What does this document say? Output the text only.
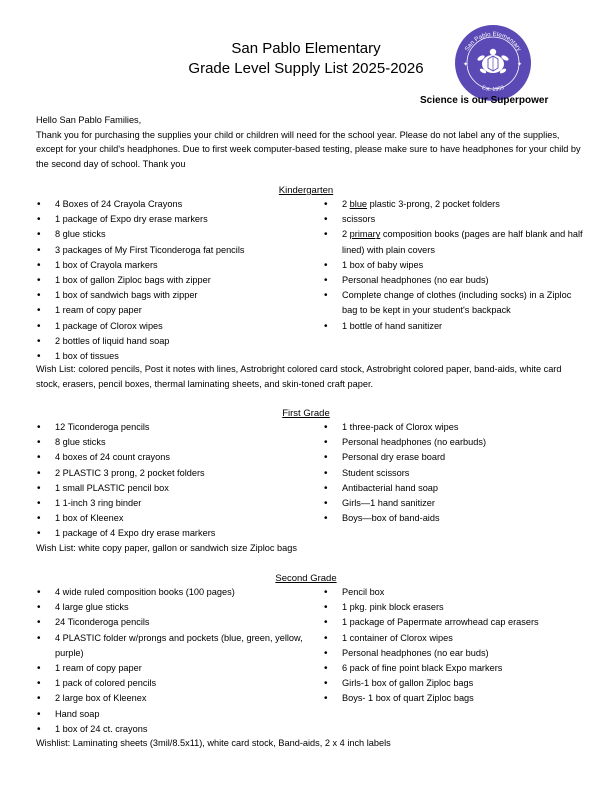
San Pablo Elementary
Grade Level Supply List 2025-2026
San Pablo Elementary
Est. 1953
✦	✦
Science is our Superpower

Hello San Pablo Families,

Thank you for purchasing the supplies your child or children will need for the school year. Please do not label any of the supplies, except for your child's headphones. Due to first week computer-based testing, please make sure to have headphones for your child by the second day of school. Thank you

Kindergarten
• 4 Boxes of 24 Crayola Crayons
• 1 package of Expo dry erase markers
• 8 glue sticks
• 3 packages of My First Ticonderoga fat pencils
• 1 box of Crayola markers
• 1 box of gallon Ziploc bags with zipper
• 1 box of sandwich bags with zipper
• 1 ream of copy paper
• 1 package of Clorox wipes
• 2 bottles of liquid hand soap
• 1 box of tissues
• 2 blue plastic 3-prong, 2 pocket folders
• scissors
• 2 primary composition books (pages are half blank and half lined) with plain covers
• 1 box of baby wipes
• Personal headphones (no ear buds)
• Complete change of clothes (including socks) in a Ziploc bag to be kept in your student's backpack
• 1 bottle of hand sanitizer
Wish List: colored pencils, Post it notes with lines, Astrobright colored card stock, Astrobright colored paper, band-aids, white card stock, erasers, pencil boxes, thermal laminating sheets, and skin-toned craft paper.
First Grade
• 12 Ticonderoga pencils
• 8 glue sticks
• 4 boxes of 24 count crayons
• 2 PLASTIC 3 prong, 2 pocket folders
• 1 small PLASTIC pencil box
• 1 1-inch 3 ring binder
• 1 box of Kleenex
• 1 package of 4 Expo dry erase markers
• 1 three-pack of Clorox wipes
• Personal headphones (no earbuds)
• Personal dry erase board
• Student scissors
• Antibacterial hand soap
• Girls—1 hand sanitizer
• Boys—box of band-aids
Wish List: white copy paper, gallon or sandwich size Ziploc bags
Second Grade
• 4 wide ruled composition books (100 pages)
• 4 large glue sticks
• 24 Ticonderoga pencils
• 4 PLASTIC folder w/prongs and pockets (blue, green, yellow, purple)
• 1 ream of copy paper
• 1 pack of colored pencils
• 2 large box of Kleenex
• Hand soap
• 1 box of 24 ct. crayons
• Pencil box
• 1 pkg. pink block erasers
• 1 package of Papermate arrowhead cap erasers
• 1 container of Clorox wipes
• Personal headphones (no ear buds)
• 6 pack of fine point black Expo markers
• Girls-1 box of gallon Ziploc bags
• Boys- 1 box of quart Ziploc bags
Wishlist: Laminating sheets (3mil/8.5x11), white card stock, Band-aids, 2 x 4 inch labels
